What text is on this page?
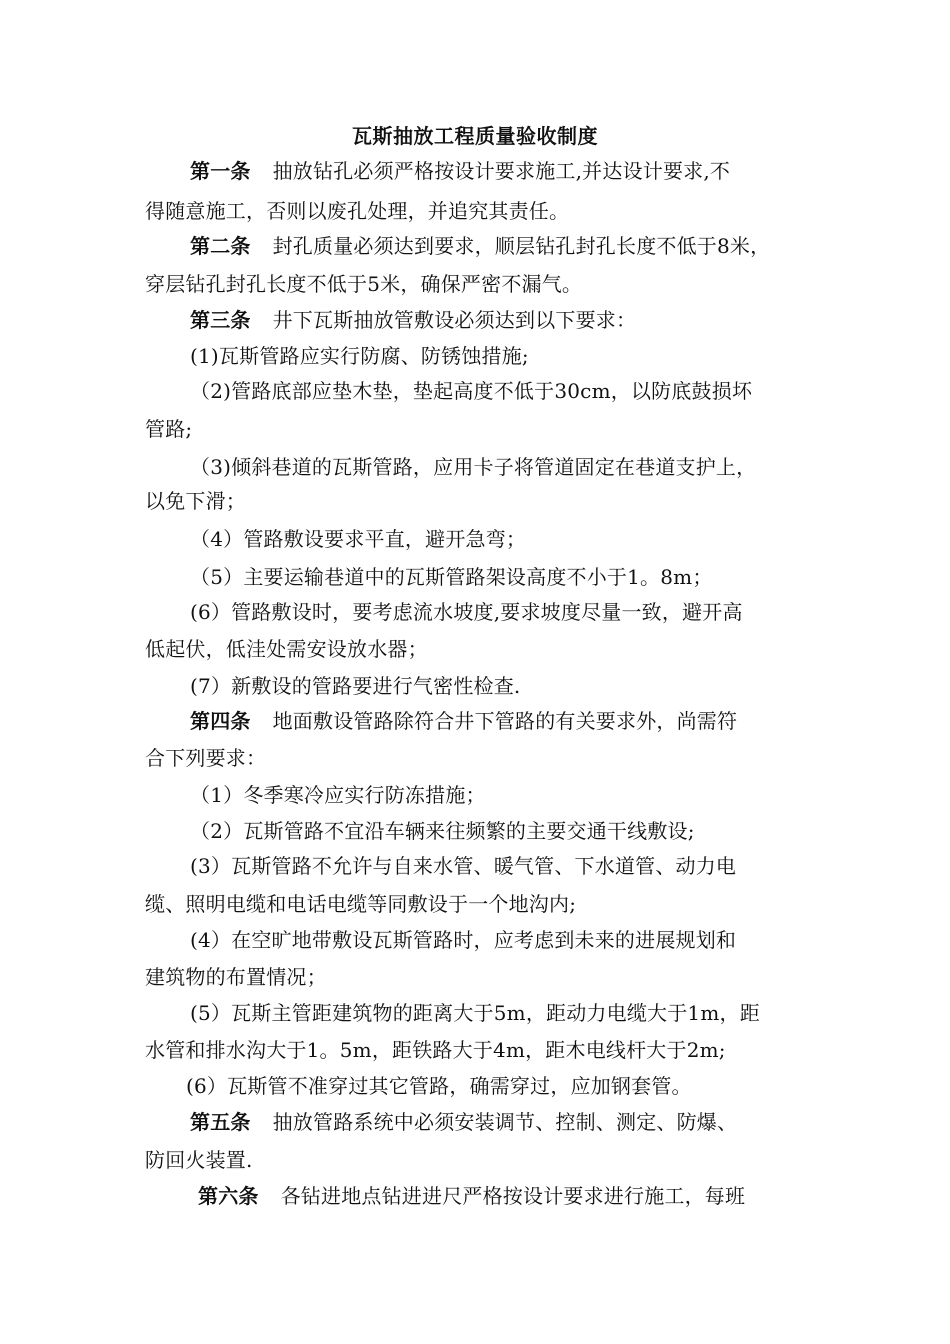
瓦斯抽放工程质量验收制度
第一条 抽放钻孔必须严格按设计要求施工,并达设计要求,不
得随意施工，否则以废孔处理，并追究其责任。
第二条 封孔质量必须达到要求，顺层钻孔封孔长度不低于8米，
穿层钻孔封孔长度不低于5米，确保严密不漏气。
第三条 井下瓦斯抽放管敷设必须达到以下要求：
(1)瓦斯管路应实行防腐、防锈蚀措施;
（2)管路底部应垫木垫，垫起高度不低于30cm，以防底鼓损坏
管路;
（3)倾斜巷道的瓦斯管路，应用卡子将管道固定在巷道支护上，
以免下滑；
（4）管路敷设要求平直，避开急弯；
（5）主要运输巷道中的瓦斯管路架设高度不小于1。8m；
(6）管路敷设时，要考虑流水坡度,要求坡度尽量一致，避开高
低起伏，低洼处需安设放水器；
(7）新敷设的管路要进行气密性检查.
第四条 地面敷设管路除符合井下管路的有关要求外，尚需符
合下列要求：
（1）冬季寒冷应实行防冻措施；
（2）瓦斯管路不宜沿车辆来往频繁的主要交通干线敷设;
(3）瓦斯管路不允许与自来水管、暖气管、下水道管、动力电
缆、照明电缆和电话电缆等同敷设于一个地沟内;
(4）在空旷地带敷设瓦斯管路时，应考虑到未来的进展规划和
建筑物的布置情况；
(5）瓦斯主管距建筑物的距离大于5m，距动力电缆大于1m，距
水管和排水沟大于1。5m，距铁路大于4m，距木电线杆大于2m;
(6）瓦斯管不准穿过其它管路，确需穿过，应加钢套管。
第五条 抽放管路系统中必须安装调节、控制、测定、防爆、
防回火装置.
第六条 各钻进地点钻进进尺严格按设计要求进行施工，每班
